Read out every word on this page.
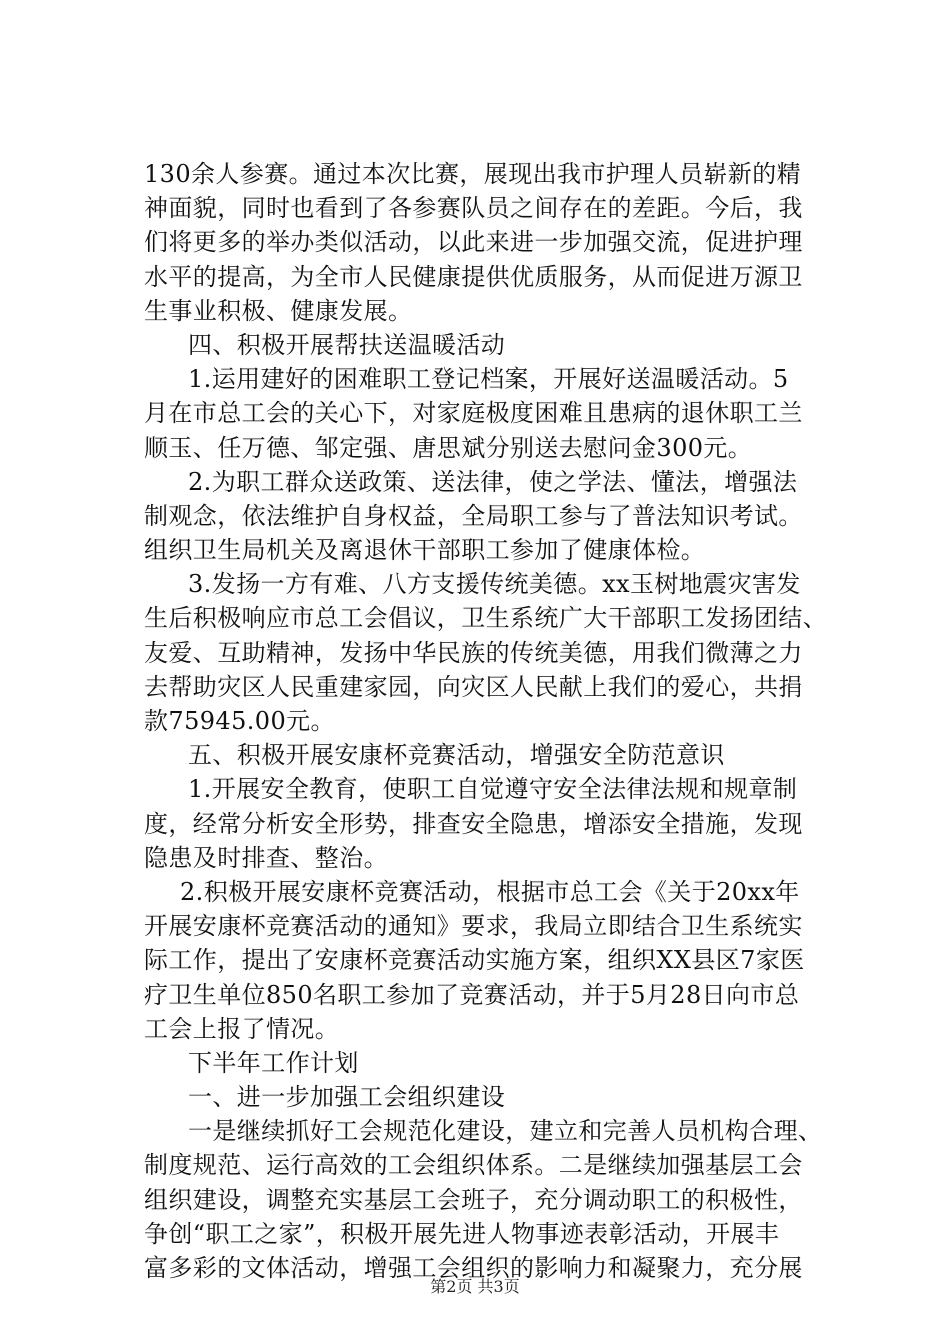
130余人参赛。通过本次比赛，展现出我市护理人员崭新的精
神面貌，同时也看到了各参赛队员之间存在的差距。今后，我
们将更多的举办类似活动，以此来进一步加强交流，促进护理
水平的提高，为全市人民健康提供优质服务，从而促进万源卫
生事业积极、健康发展。
四、积极开展帮扶送温暖活动
1.运用建好的困难职工登记档案，开展好送温暖活动。5
月在市总工会的关心下，对家庭极度困难且患病的退休职工兰
顺玉、任万德、邹定强、唐思斌分别送去慰问金300元。
2.为职工群众送政策、送法律，使之学法、懂法，增强法
制观念，依法维护自身权益，全局职工参与了普法知识考试。
组织卫生局机关及离退休干部职工参加了健康体检。
3.发扬一方有难、八方支援传统美德。xx玉树地震灾害发
生后积极响应市总工会倡议，卫生系统广大干部职工发扬团结、
友爱、互助精神，发扬中华民族的传统美德，用我们微薄之力
去帮助灾区人民重建家园，向灾区人民献上我们的爱心，共捐
款75945.00元。
五、积极开展安康杯竞赛活动，增强安全防范意识
1.开展安全教育，使职工自觉遵守安全法律法规和规章制
度，经常分析安全形势，排查安全隐患，增添安全措施，发现
隐患及时排查、整治。
2.积极开展安康杯竞赛活动，根据市总工会《关于20xx年
开展安康杯竞赛活动的通知》要求，我局立即结合卫生系统实
际工作，提出了安康杯竞赛活动实施方案，组织XX县区7家医
疗卫生单位850名职工参加了竞赛活动，并于5月28日向市总
工会上报了情况。
下半年工作计划
一、进一步加强工会组织建设
一是继续抓好工会规范化建设，建立和完善人员机构合理、
制度规范、运行高效的工会组织体系。二是继续加强基层工会
组织建设，调整充实基层工会班子，充分调动职工的积极性，
争创“职工之家”，积极开展先进人物事迹表彰活动，开展丰
富多彩的文体活动，增强工会组织的影响力和凝聚力，充分展
第2页 共3页
